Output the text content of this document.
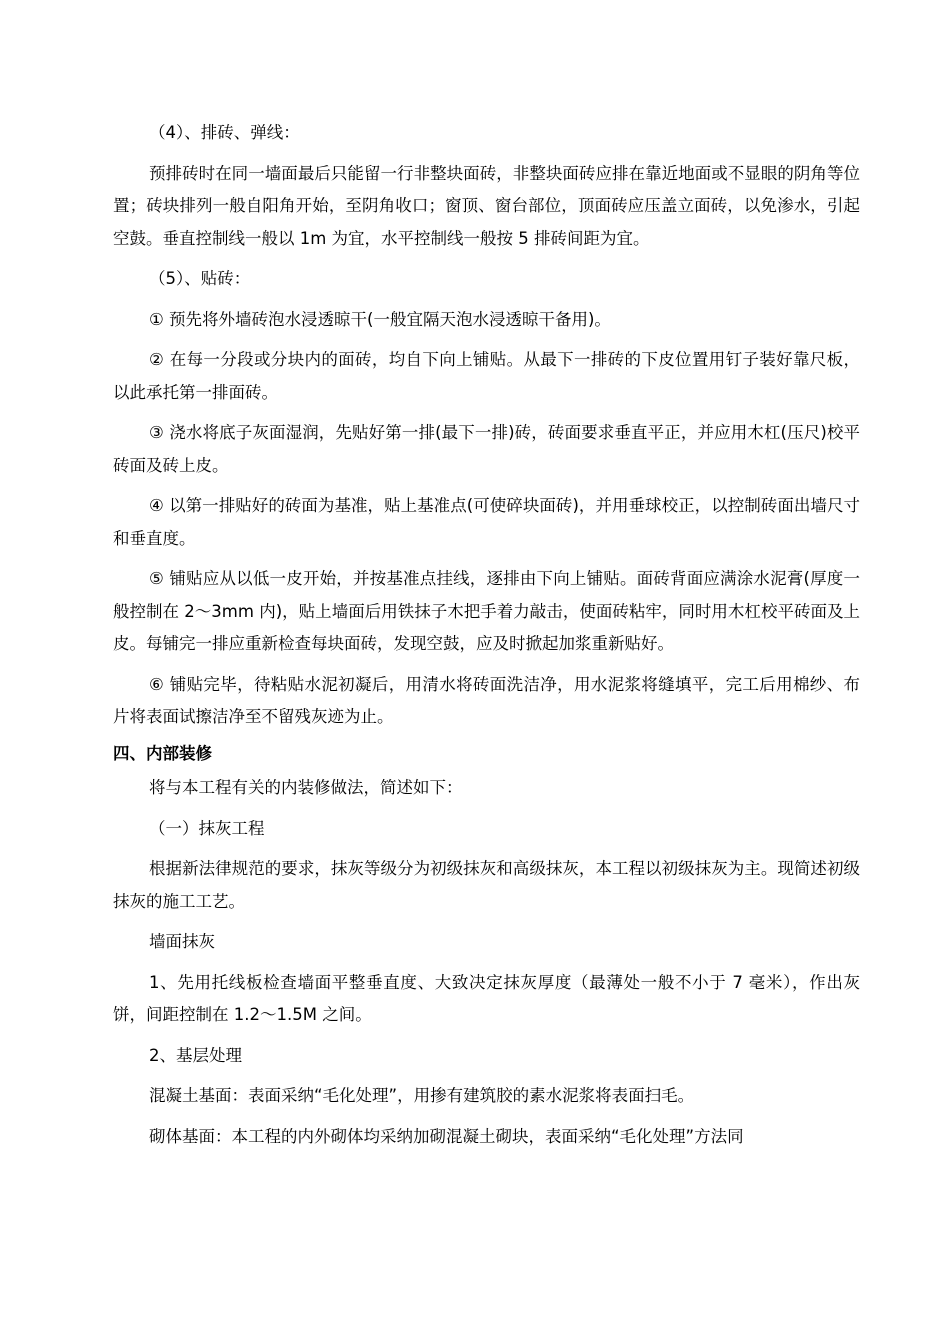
（4）、排砖、弹线：

预排砖时在同一墙面最后只能留一行非整块面砖，非整块面砖应排在靠近地面或不显眼的阴角等位置；砖块排列一般自阳角开始，至阴角收口；窗顶、窗台部位，顶面砖应压盖立面砖，以免渗水，引起空鼓。垂直控制线一般以 1m 为宜，水平控制线一般按 5 排砖间距为宜。

（5）、贴砖：

① 预先将外墙砖泡水浸透晾干(一般宜隔天泡水浸透晾干备用)。

② 在每一分段或分块内的面砖，均自下向上铺贴。从最下一排砖的下皮位置用钉子装好靠尺板，以此承托第一排面砖。

③ 浇水将底子灰面湿润，先贴好第一排(最下一排)砖，砖面要求垂直平正，并应用木杠(压尺)校平砖面及砖上皮。

④ 以第一排贴好的砖面为基准，贴上基准点(可使碎块面砖)，并用垂球校正，以控制砖面出墙尺寸和垂直度。

⑤ 铺贴应从以低一皮开始，并按基准点挂线，逐排由下向上铺贴。面砖背面应满涂水泥膏(厚度一般控制在 2～3mm 内)，贴上墙面后用铁抹子木把手着力敲击，使面砖粘牢，同时用木杠校平砖面及上皮。每铺完一排应重新检查每块面砖，发现空鼓，应及时掀起加浆重新贴好。

⑥ 铺贴完毕，待粘贴水泥初凝后，用清水将砖面洗洁净，用水泥浆将缝填平，完工后用棉纱、布片将表面试擦洁净至不留残灰迹为止。

四、内部装修

将与本工程有关的内装修做法，简述如下：

（一）抹灰工程

根据新法律规范的要求，抹灰等级分为初级抹灰和高级抹灰，本工程以初级抹灰为主。现简述初级抹灰的施工工艺。

墙面抹灰

1、先用托线板检查墙面平整垂直度、大致决定抹灰厚度（最薄处一般不小于 7 毫米），作出灰饼，间距控制在 1.2～1.5M 之间。

2、基层处理

混凝土基面：表面采纳“毛化处理”，用掺有建筑胶的素水泥浆将表面扫毛。

砌体基面：本工程的内外砌体均采纳加砌混凝土砌块，表面采纳“毛化处理”方法同
